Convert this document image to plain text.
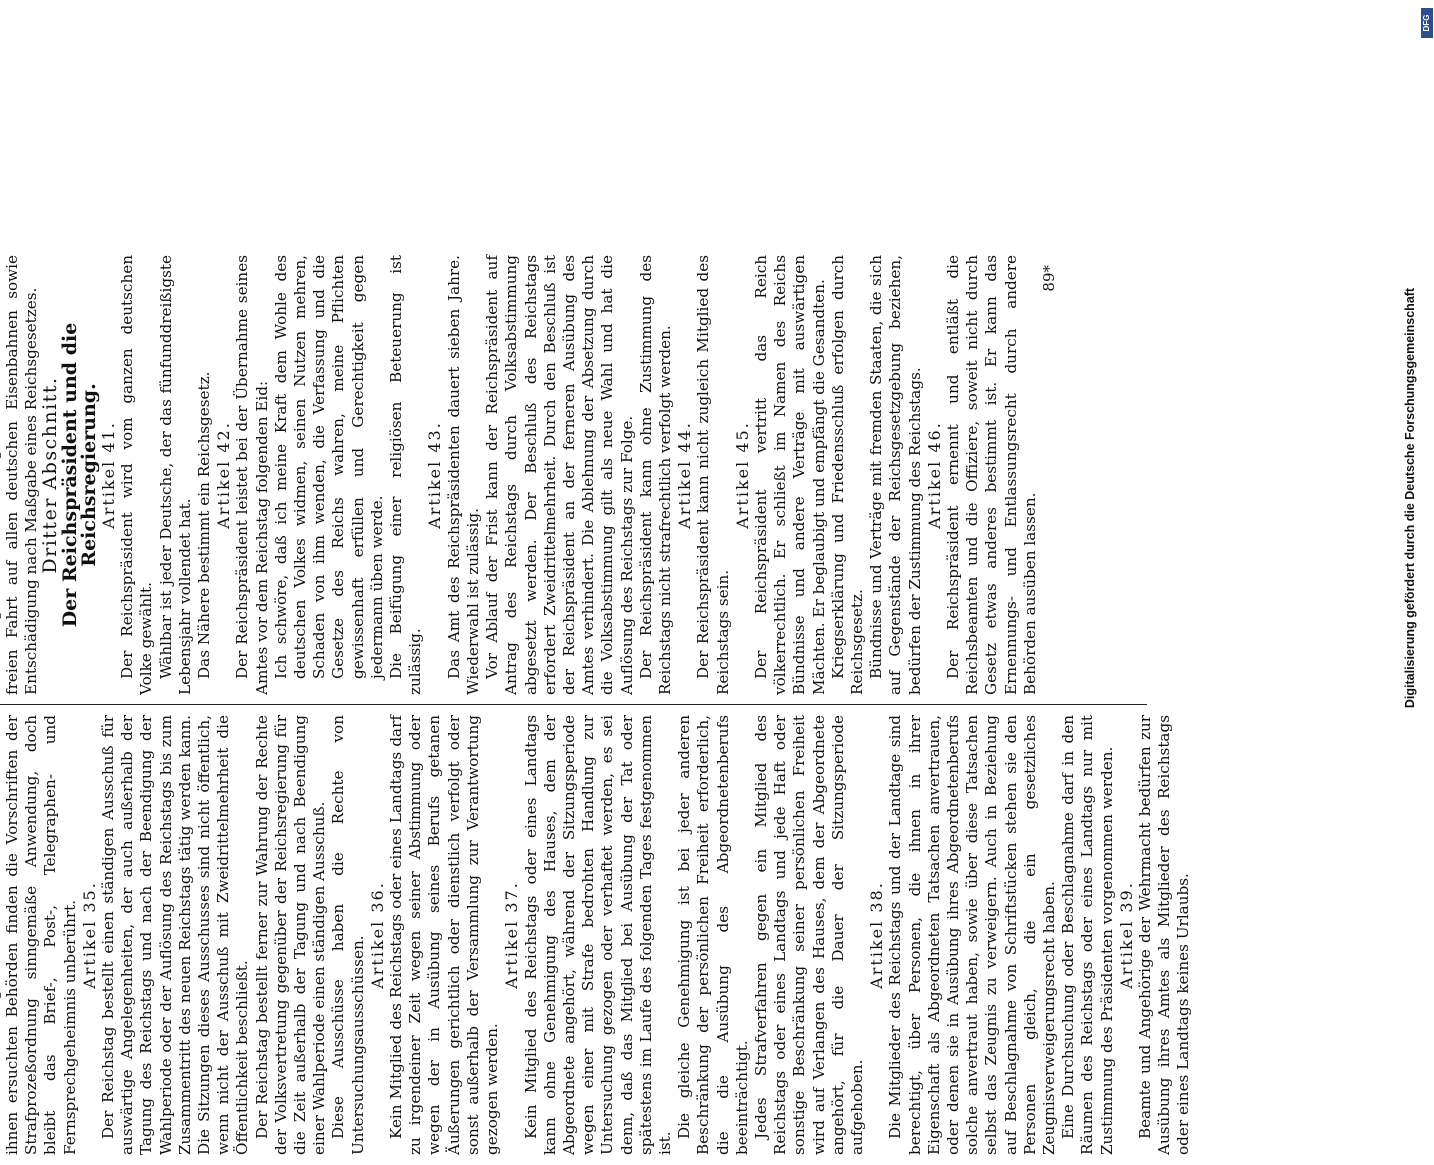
ihnen ersuchten Behörden finden die Vorschriften der Strafprozeßordnung sinngemäße Anwendung, doch bleibt das Brief-, Post-, Telegraphen- und Fernsprechgeheimnis unberührt. Artikel 35. Der Reichstag bestellt einen ständigen Ausschuß für auswärtige Angelegenheiten, der auch außerhalb der Tagung des Reichstags und nach der Beendigung der Wahlperiode oder der Auflösung des Reichstags bis zum Zusammentritt des neuen Reichstags tätig werden kann. Die Sitzungen dieses Ausschusses sind nicht öffentlich, wenn nicht der Ausschuß mit Zweidrittelmehrheit die Öffentlichkeit beschließt. Der Reichstag bestellt ferner zur Wahrung der Rechte der Volksvertretung gegenüber der Reichsregierung für die Zeit außerhalb der Tagung und nach Beendigung einer Wahlperiode einen ständigen Ausschuß. Diese Ausschüsse haben die Rechte von Untersuchungsausschüssen.

Artikel 36. Kein Mitglied des Reichstags oder eines Landtags darf zu irgendeiner Zeit wegen seiner Abstimmung oder wegen der in Ausübung seines Berufs getanen Äußerungen gerichtlich oder dienstlich verfolgt oder sonst außerhalb der Versammlung zur Verantwortung gezogen werden.

Artikel 37. Kein Mitglied des Reichstags oder eines Landtags kann ohne Genehmigung des Hauses, dem der Abgeordnete angehört, während der Sitzungsperiode wegen einer mit Strafe bedrohten Handlung zur Untersuchung gezogen oder verhaftet werden, es sei denn, daß das Mitglied bei Ausübung der Tat oder spätestens im Laufe des folgenden Tages festgenommen ist.

Die gleiche Genehmigung ist bei jeder anderen Beschränkung der persönlichen Freiheit erforderlich, die die Ausübung des Abgeordnetenberufs beeinträchtigt. Jedes Strafverfahren gegen ein Mitglied des Reichstags oder eines Landtags und jede Haft oder sonstige Beschränkung seiner persönlichen Freiheit wird auf Verlangen des Hauses, dem der Abgeordnete angehört, für die Dauer der Sitzungsperiode aufgehoben.

Artikel 38. Die Mitglieder des Reichstags und der Landtage sind berechtigt, über Personen, die ihnen in ihrer Eigenschaft als Abgeordneten Tatsachen anvertrauen, oder denen sie in Ausübung ihres Abgeordnetenberufs solche anvertraut haben, sowie über diese Tatsachen selbst das Zeugnis zu verweigern. Auch in Beziehung auf Beschlagnahme von Schriftstücken stehen sie den Personen gleich, die ein gesetzliches Zeugnisverweigerungsrecht haben. Eine Durchsuchung oder Beschlagnahme darf in den Räumen des Reichstags oder eines Landtags nur mit Zustimmung des Präsidenten vorgenommen werden. Artikel 39. Beamte und Angehörige der Wehrmacht bedürfen zur Ausübung ihres Amtes als Mitglieder des Reichstags oder eines Landtags keines Urlaubs.

freien Fahrt auf allen deutschen Eisenbahnen sowie Entschädigung nach Maßgabe eines Reichsgesetzes.

Dritter Abschnitt.

Der Reichspräsident und die Reichsregierung. Artikel 41. Der Reichspräsident wird vom ganzen deutschen Volke gewählt. Wählbar ist jeder Deutsche, der das fünfunddreißigste Lebensjahr vollendet hat. Das Nähere bestimmt ein Reichsgesetz. Artikel 42. Der Reichspräsident leistet bei der Übernahme seines Amtes vor dem Reichstag folgenden Eid: Ich schwöre, daß ich meine Kraft dem Wohle des deutschen Volkes widmen, seinen Nutzen mehren, Schaden von ihm wenden, die Verfassung und die Gesetze des Reichs wahren, meine Pflichten gewissenhaft erfüllen und Gerechtigkeit gegen jedermann üben werde. Die Beifügung einer religiösen Beteuerung ist zulässig.

Artikel 43. Das Amt des Reichspräsidenten dauert sieben Jahre. Wiederwahl ist zulässig. Vor Ablauf der Frist kann der Reichspräsident auf Antrag des Reichstags durch Volksabstimmung abgesetzt werden. Der Beschluß des Reichstags erfordert Zweidrittelmehrheit. Durch den Beschluß ist der Reichspräsident an der ferneren Ausübung des Amtes verhindert. Die Ablehnung der Absetzung durch die Volksabstimmung gilt als neue Wahl und hat die Auflösung des Reichstags zur Folge. Der Reichspräsident kann ohne Zustimmung des Reichstags nicht strafrechtlich verfolgt werden. Artikel 44. Der Reichspräsident kann nicht zugleich Mitglied des Reichstags sein.

Artikel 45. Der Reichspräsident vertritt das Reich völkerrechtlich. Er schließt im Namen des Reichs Bündnisse und andere Verträge mit auswärtigen Mächten. Er beglaubigt und empfängt die Gesandten. Kriegserklärung und Friedensschluß erfolgen durch Reichsgesetz. Bündnisse und Verträge mit fremden Staaten, die sich auf Gegenstände der Reichsgesetzgebung beziehen, bedürfen der Zustimmung des Reichstags. Artikel 46. Der Reichspräsident ernennt und entläßt die Reichsbeamten und die Offiziere, soweit nicht durch Gesetz etwas anderes bestimmt ist. Er kann das Ernennungs- und Entlassungsrecht durch andere Behörden ausüben lassen.

89*

Digitalisierung gefördert durch die Deutsche Forschungsgemeinschaft
DFG
